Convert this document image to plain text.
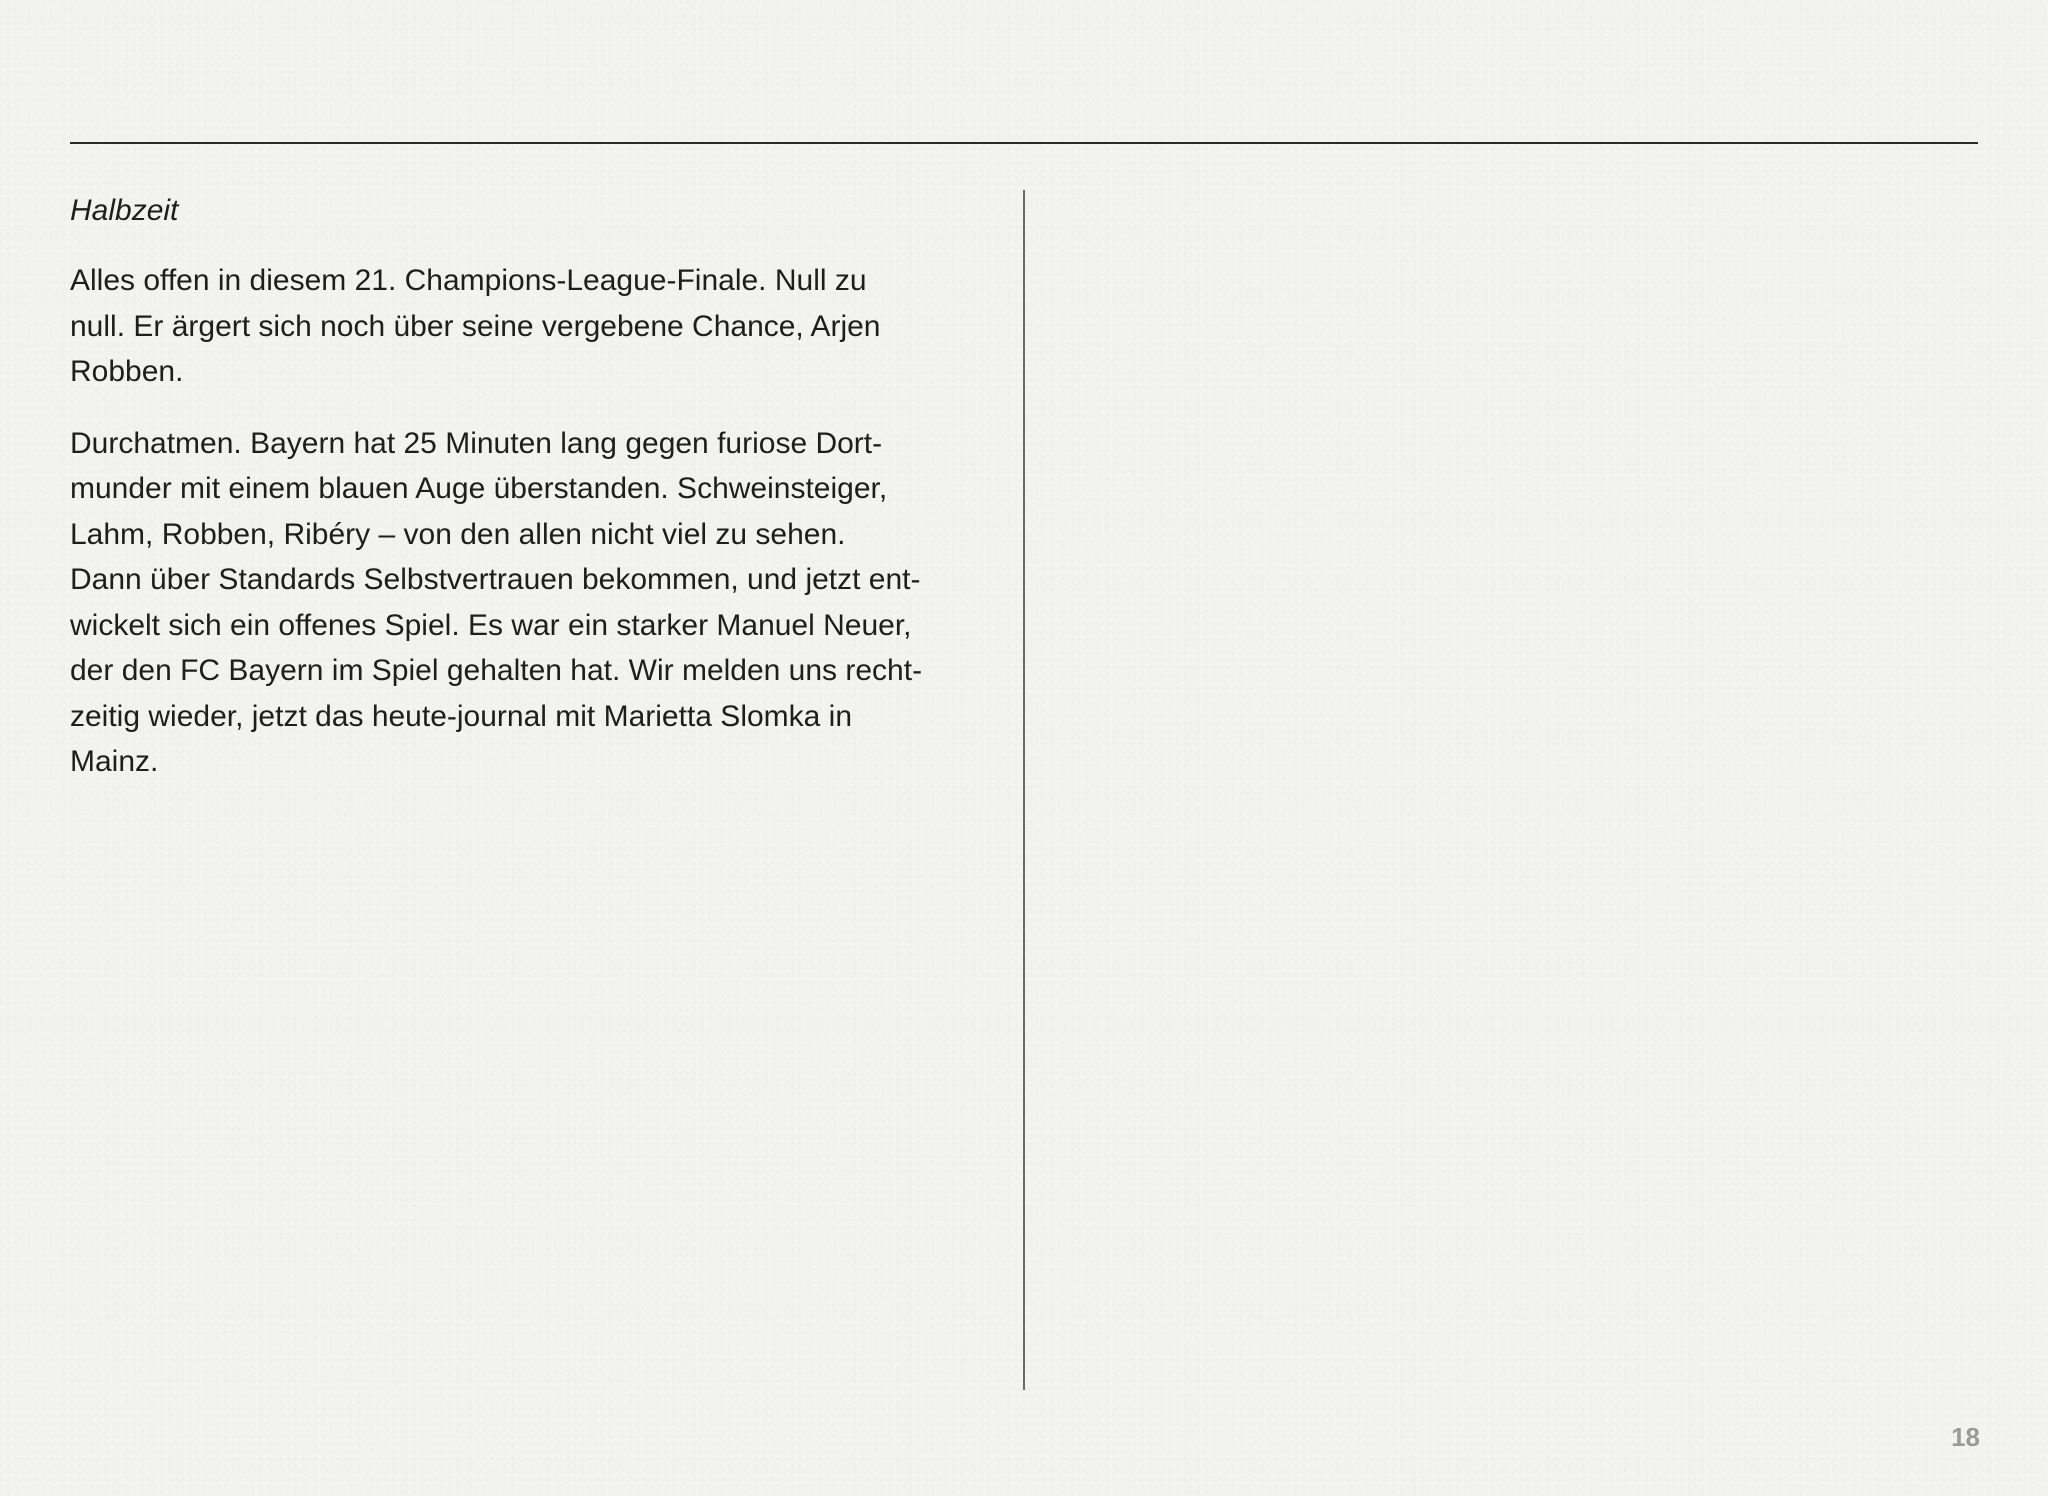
Halbzeit

Alles offen in diesem 21. Champions-League-Finale. Null zu
null. Er ärgert sich noch über seine vergebene Chance, Arjen
Robben.

Durchatmen. Bayern hat 25 Minuten lang gegen furiose Dort-
munder mit einem blauen Auge überstanden. Schweinsteiger,
Lahm, Robben, Ribéry – von den allen nicht viel zu sehen.
Dann über Standards Selbstvertrauen bekommen, und jetzt ent-
wickelt sich ein offenes Spiel. Es war ein starker Manuel Neuer,
der den FC Bayern im Spiel gehalten hat. Wir melden uns recht-
zeitig wieder, jetzt das heute-journal mit Marietta Slomka in
Mainz.

18
